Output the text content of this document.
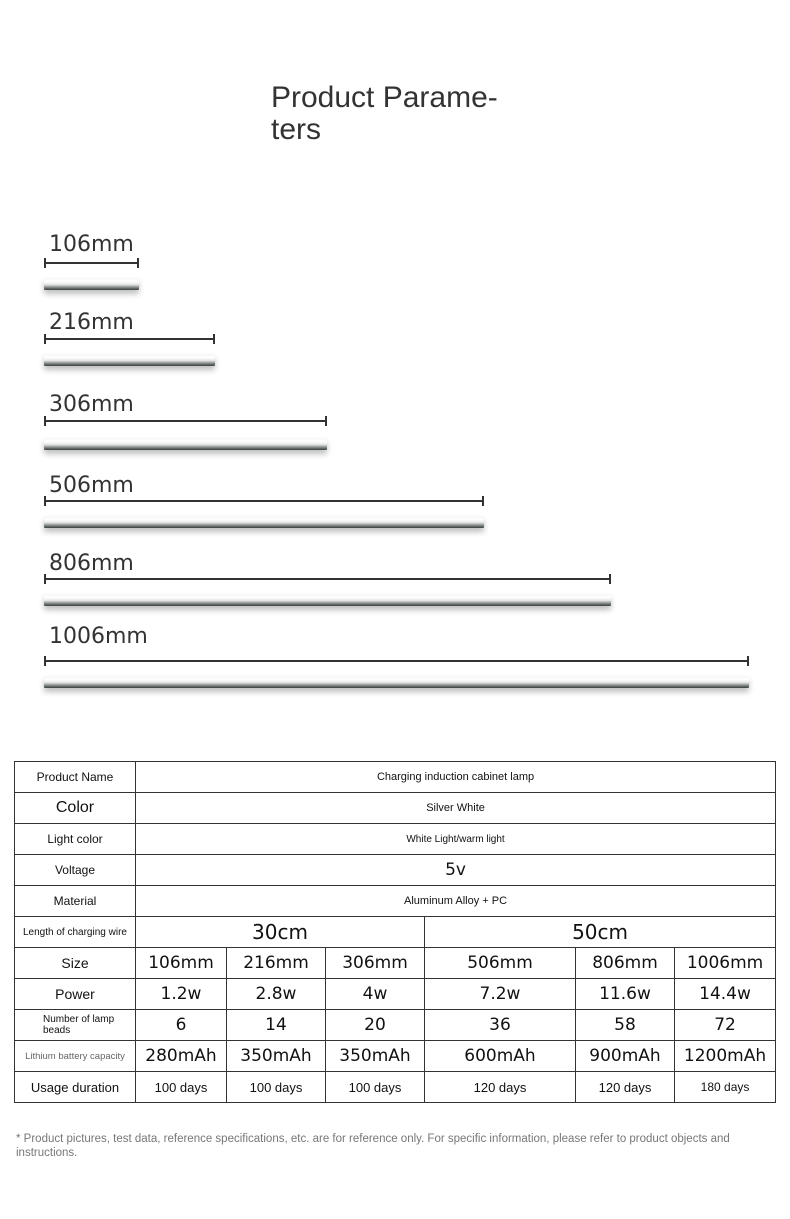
Product Parame-
ters
106mm
216mm
306mm
506mm
806mm
1006mm
Product Name	Charging induction cabinet lamp					
Color	Silver White					
Light color	White Light/warm light					
Voltage	5v					
Material	Aluminum Alloy + PC					
Length of charging wire	30cm			50cm		
Size	106mm	216mm	306mm	506mm	806mm	1006mm
Power	1.2w	2.8w	4w	7.2w	11.6w	14.4w
Number of lamp beads	6	14	20	36	58	72
Lithium battery capacity	280mAh	350mAh	350mAh	600mAh	900mAh	1200mAh
Usage duration	100 days	100 days	100 days	120 days	120 days	180 days
* Product pictures, test data, reference specifications, etc. are for reference only. For specific information, please refer to product objects and instructions.
